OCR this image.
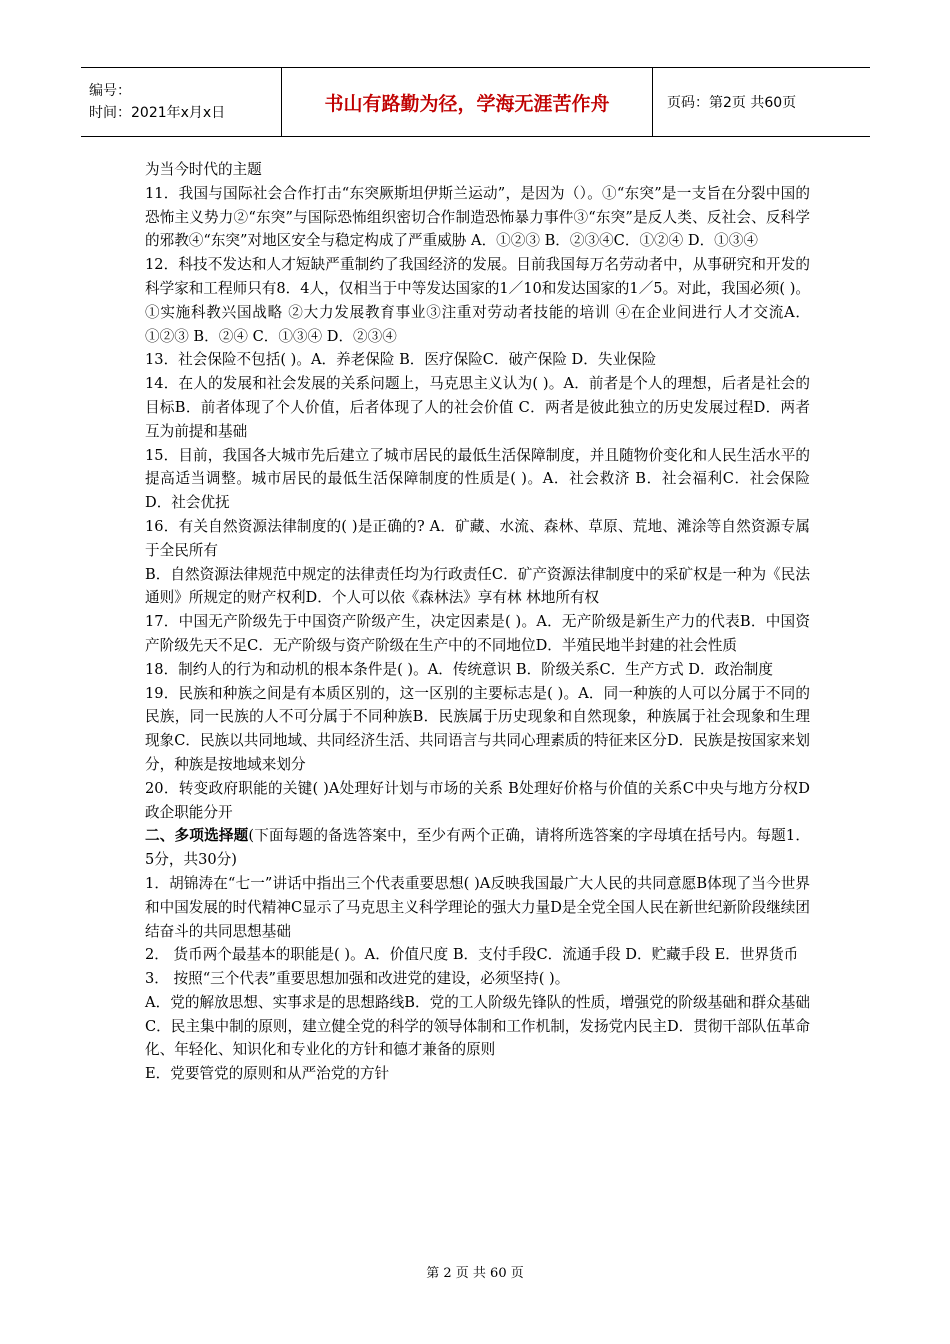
编号：
时间：2021年x月x日	书山有路勤为径，学海无涯苦作舟	页码：第2页 共60页

为当今时代的主题

11．我国与国际社会合作打击“东突厥斯坦伊斯兰运动”，是因为（）。①“东突”是一支旨在分裂中国的恐怖主义势力②“东突”与国际恐怖组织密切合作制造恐怖暴力事件③“东突”是反人类、反社会、反科学的邪教④“东突”对地区安全与稳定构成了严重威胁 A．①②③ B．②③④C．①②④ D．①③④

12．科技不发达和人才短缺严重制约了我国经济的发展。目前我国每万名劳动者中，从事研究和开发的科学家和工程师只有8．4人，仅相当于中等发达国家的1／10和发达国家的1／5。对此，我国必须( )。①实施科教兴国战略 ②大力发展教育事业③注重对劳动者技能的培训 ④在企业间进行人才交流A．①②③ B．②④ C．①③④ D．②③④

13．社会保险不包括( )。A．养老保险 B．医疗保险C．破产保险 D．失业保险

14．在人的发展和社会发展的关系问题上，马克思主义认为( )。A．前者是个人的理想，后者是社会的目标B．前者体现了个人价值，后者体现了人的社会价值 C．两者是彼此独立的历史发展过程D．两者互为前提和基础

15．目前，我国各大城市先后建立了城市居民的最低生活保障制度，并且随物价变化和人民生活水平的提高适当调整。城市居民的最低生活保障制度的性质是( )。A．社会救济 B．社会福利C．社会保险 D．社会优抚

16．有关自然资源法律制度的( )是正确的? A．矿藏、水流、森林、草原、荒地、滩涂等自然资源专属于全民所有

B．自然资源法律规范中规定的法律责任均为行政责任C．矿产资源法律制度中的采矿权是一种为《民法通则》所规定的财产权利D．个人可以依《森林法》享有林 林地所有权

17．中国无产阶级先于中国资产阶级产生，决定因素是( )。A．无产阶级是新生产力的代表B．中国资产阶级先天不足C．无产阶级与资产阶级在生产中的不同地位D．半殖民地半封建的社会性质

18．制约人的行为和动机的根本条件是( )。A．传统意识 B．阶级关系C．生产方式 D．政治制度

19．民族和种族之间是有本质区别的，这一区别的主要标志是( )。A．同一种族的人可以分属于不同的民族，同一民族的人不可分属于不同种族B．民族属于历史现象和自然现象，种族属于社会现象和生理现象C．民族以共同地域、共同经济生活、共同语言与共同心理素质的特征来区分D．民族是按国家来划分，种族是按地域来划分

20．转变政府职能的关键( )A处理好计划与市场的关系 B处理好价格与价值的关系C中央与地方分权D政企职能分开

二、多项选择题(下面每题的备选答案中，至少有两个正确，请将所选答案的字母填在括号内。每题1．5分，共30分)

1．胡锦涛在“七一”讲话中指出三个代表重要思想( )A反映我国最广大人民的共同意愿B体现了当今世界和中国发展的时代精神C显示了马克思主义科学理论的强大力量D是全党全国人民在新世纪新阶段继续团结奋斗的共同思想基础

2． 货币两个最基本的职能是( )。A．价值尺度 B．支付手段C．流通手段 D．贮藏手段 E．世界货币

3． 按照“三个代表”重要思想加强和改进党的建设，必须坚持( )。

A．党的解放思想、实事求是的思想路线B．党的工人阶级先锋队的性质，增强党的阶级基础和群众基础C．民主集中制的原则，建立健全党的科学的领导体制和工作机制，发扬党内民主D．贯彻干部队伍革命化、年轻化、知识化和专业化的方针和德才兼备的原则

E．党要管党的原则和从严治党的方针

第 2 页 共 60 页
